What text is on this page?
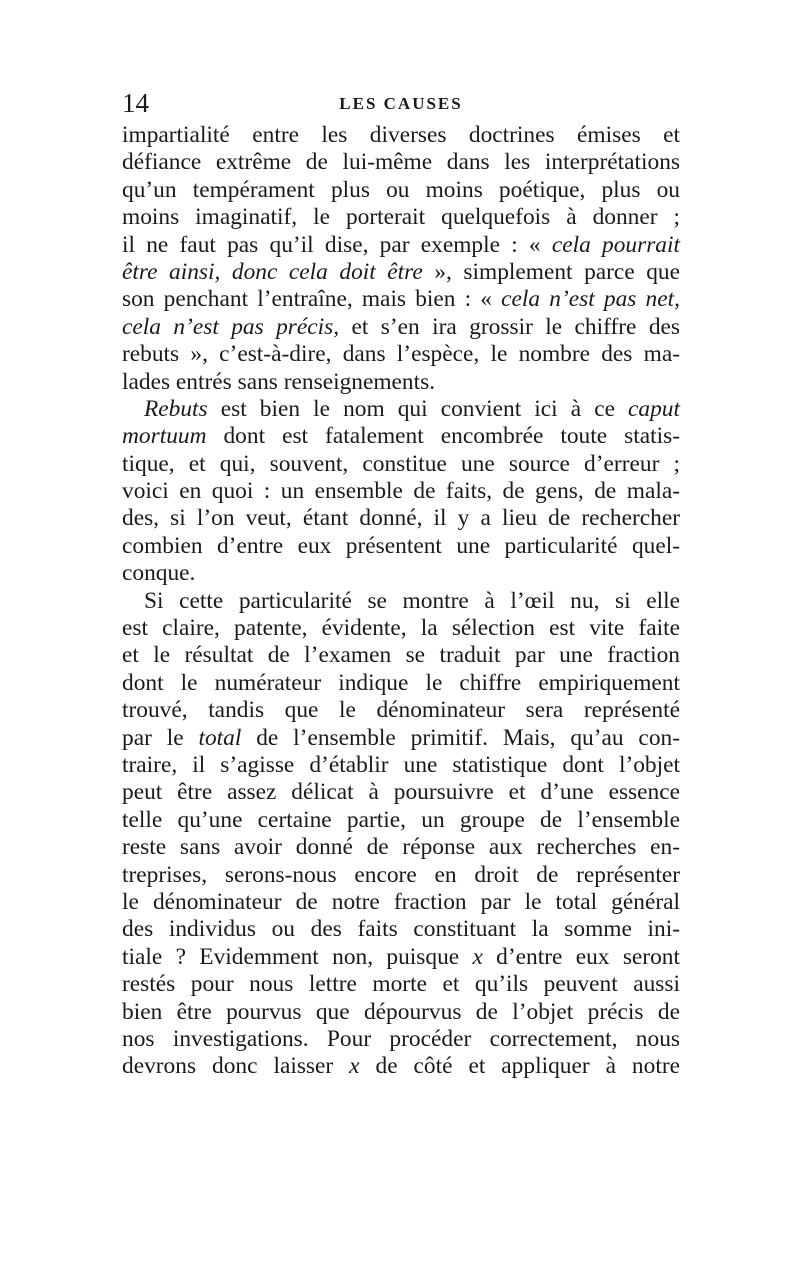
14	LES CAUSES
impartialité entre les diverses doctrines émises et
défiance extrême de lui-même dans les interprétations
qu’un tempérament plus ou moins poétique, plus ou
moins imaginatif, le porterait quelquefois à donner ;
il ne faut pas qu’il dise, par exemple : « cela pourrait
être ainsi, donc cela doit être », simplement parce que
son penchant l’entraîne, mais bien : « cela n’est pas net,
cela n’est pas précis, et s’en ira grossir le chiffre des
rebuts », c’est-à-dire, dans l’espèce, le nombre des ma-
lades entrés sans renseignements.
Rebuts est bien le nom qui convient ici à ce caput
mortuum dont est fatalement encombrée toute statis-
tique, et qui, souvent, constitue une source d’erreur ;
voici en quoi : un ensemble de faits, de gens, de mala-
des, si l’on veut, étant donné, il y a lieu de rechercher
combien d’entre eux présentent une particularité quel-
conque.
Si cette particularité se montre à l’œil nu, si elle
est claire, patente, évidente, la sélection est vite faite
et le résultat de l’examen se traduit par une fraction
dont le numérateur indique le chiffre empiriquement
trouvé, tandis que le dénominateur sera représenté
par le total de l’ensemble primitif. Mais, qu’au con-
traire, il s’agisse d’établir une statistique dont l’objet
peut être assez délicat à poursuivre et d’une essence
telle qu’une certaine partie, un groupe de l’ensemble
reste sans avoir donné de réponse aux recherches en-
treprises, serons-nous encore en droit de représenter
le dénominateur de notre fraction par le total général
des individus ou des faits constituant la somme ini-
tiale ? Evidemment non, puisque x d’entre eux seront
restés pour nous lettre morte et qu’ils peuvent aussi
bien être pourvus que dépourvus de l’objet précis de
nos investigations. Pour procéder correctement, nous
devrons donc laisser x de côté et appliquer à notre
